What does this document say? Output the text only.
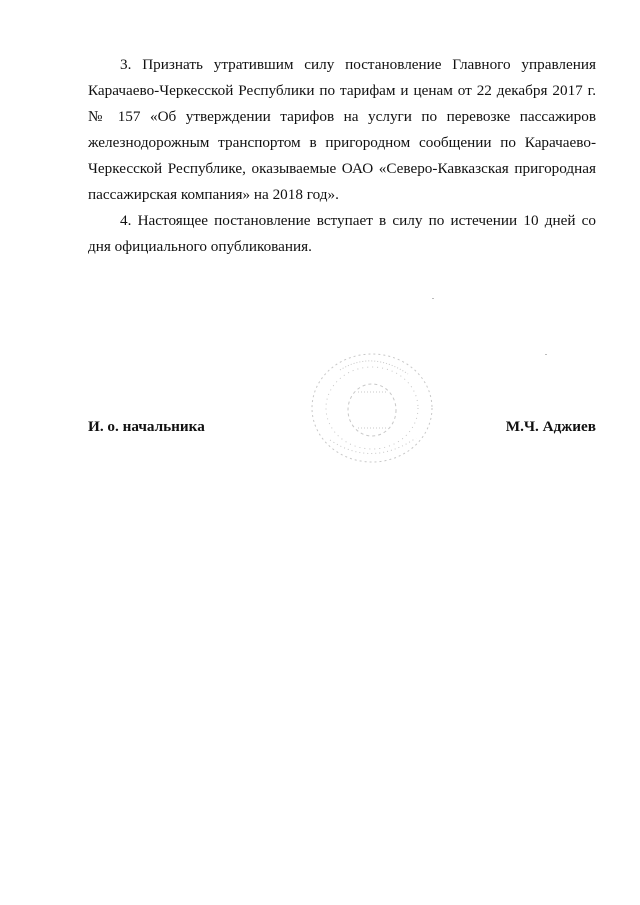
3. Признать утратившим силу постановление Главного управления Карачаево-Черкесской Республики по тарифам и ценам от 22 декабря 2017 г. № 157 «Об утверждении тарифов на услуги по перевозке пассажиров железнодорожным транспортом в пригородном сообщении по Карачаево-Черкесской Республике, оказываемые ОАО «Северо-Кавказская пригородная пассажирская компания» на 2018 год».

4. Настоящее постановление вступает в силу по истечении 10 дней со дня официального опубликования.

И. о. начальника	М.Ч. Аджиев
